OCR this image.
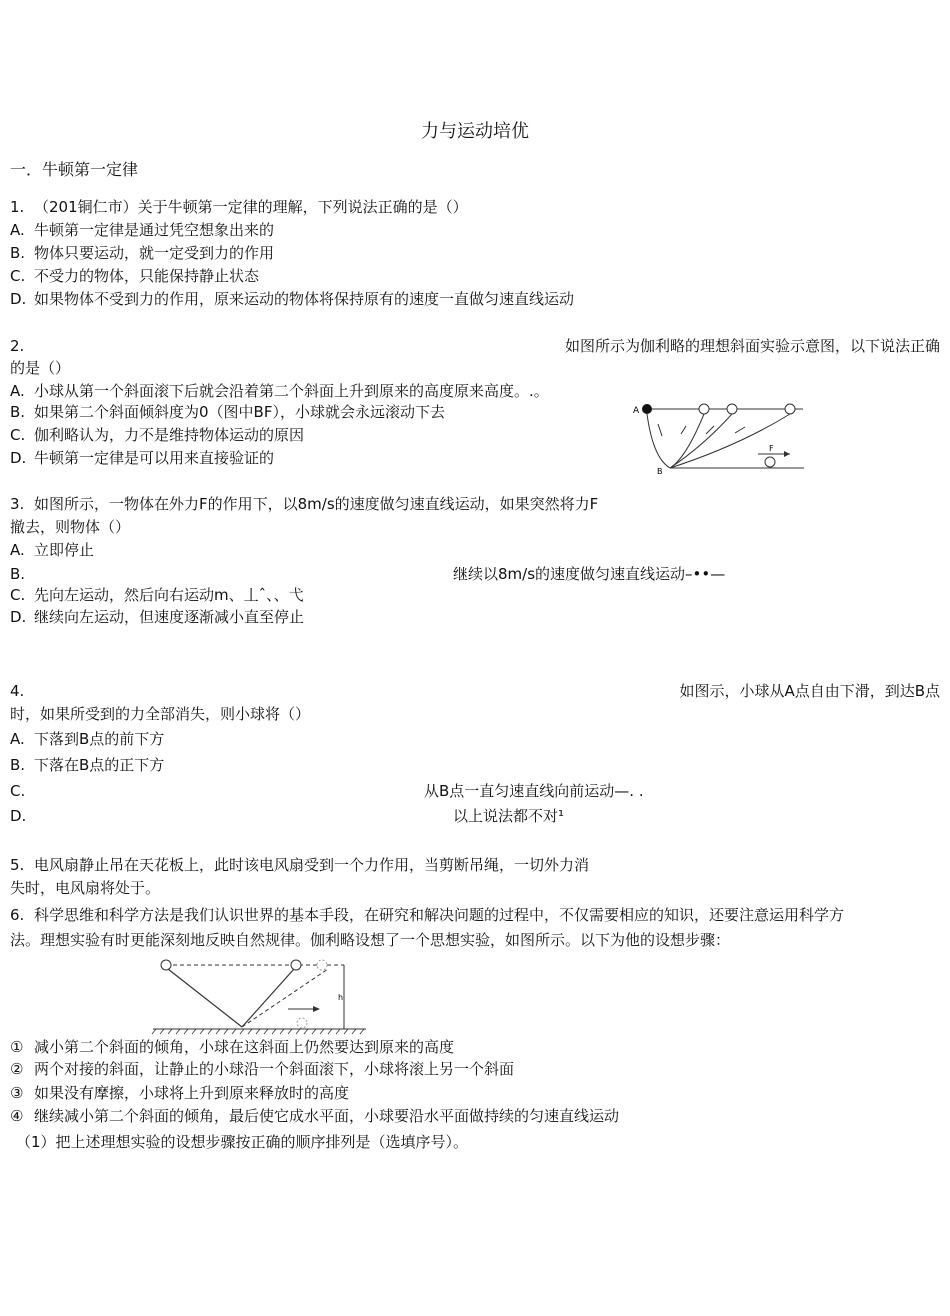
力与运动培优
一．牛顿第一定律
1. （201铜仁市）关于牛顿第一定律的理解，下列说法正确的是（）
A. 牛顿第一定律是通过凭空想象出来的
B. 物体只要运动，就一定受到力的作用
C. 不受力的物体，只能保持静止状态
D. 如果物体不受到力的作用，原来运动的物体将保持原有的速度一直做匀速直线运动
2.	如图所示为伽利略的理想斜面实验示意图，以下说法正确
的是（）
A. 小球从第一个斜面滚下后就会沿着第二个斜面上升到原来的高度原来高度。.。
B. 如果第二个斜面倾斜度为0（图中BF），小球就会永远滚动下去
C. 伽利略认为，力不是维持物体运动的原因
D. 牛顿第一定律是可以用来直接验证的
A
F
B
3. 如图所示，一物体在外力F的作用下，以8m/s的速度做匀速直线运动，如果突然将力F
撤去，则物体（）
A. 立即停止
B.	继续以8m/s的速度做匀速直线运动–••—
C. 先向左运动，然后向右运动m、丄ˆ、、弋
D. 继续向左运动，但速度逐渐减小直至停止
4.	如图示，小球从A点自由下滑，到达B点
时，如果所受到的力全部消失，则小球将（）
A. 下落到B点的前下方
B. 下落在B点的正下方
C.	从B点一直匀速直线向前运动—. .
D.	以上说法都不对¹
5. 电风扇静止吊在天花板上，此时该电风扇受到一个力作用，当剪断吊绳，一切外力消
失时，电风扇将处于。
6. 科学思维和科学方法是我们认识世界的基本手段，在研究和解决问题的过程中，不仅需要相应的知识，还要注意运用科学方
法。理想实验有时更能深刻地反映自然规律。伽利略设想了一个思想实验，如图所示。以下为他的设想步骤：
h
① 减小第二个斜面的倾角，小球在这斜面上仍然要达到原来的高度
② 两个对接的斜面，让静止的小球沿一个斜面滚下，小球将滚上另一个斜面
③ 如果没有摩擦，小球将上升到原来释放时的高度
④ 继续减小第二个斜面的倾角，最后使它成水平面，小球要沿水平面做持续的匀速直线运动
（1）把上述理想实验的设想步骤按正确的顺序排列是（选填序号）。
